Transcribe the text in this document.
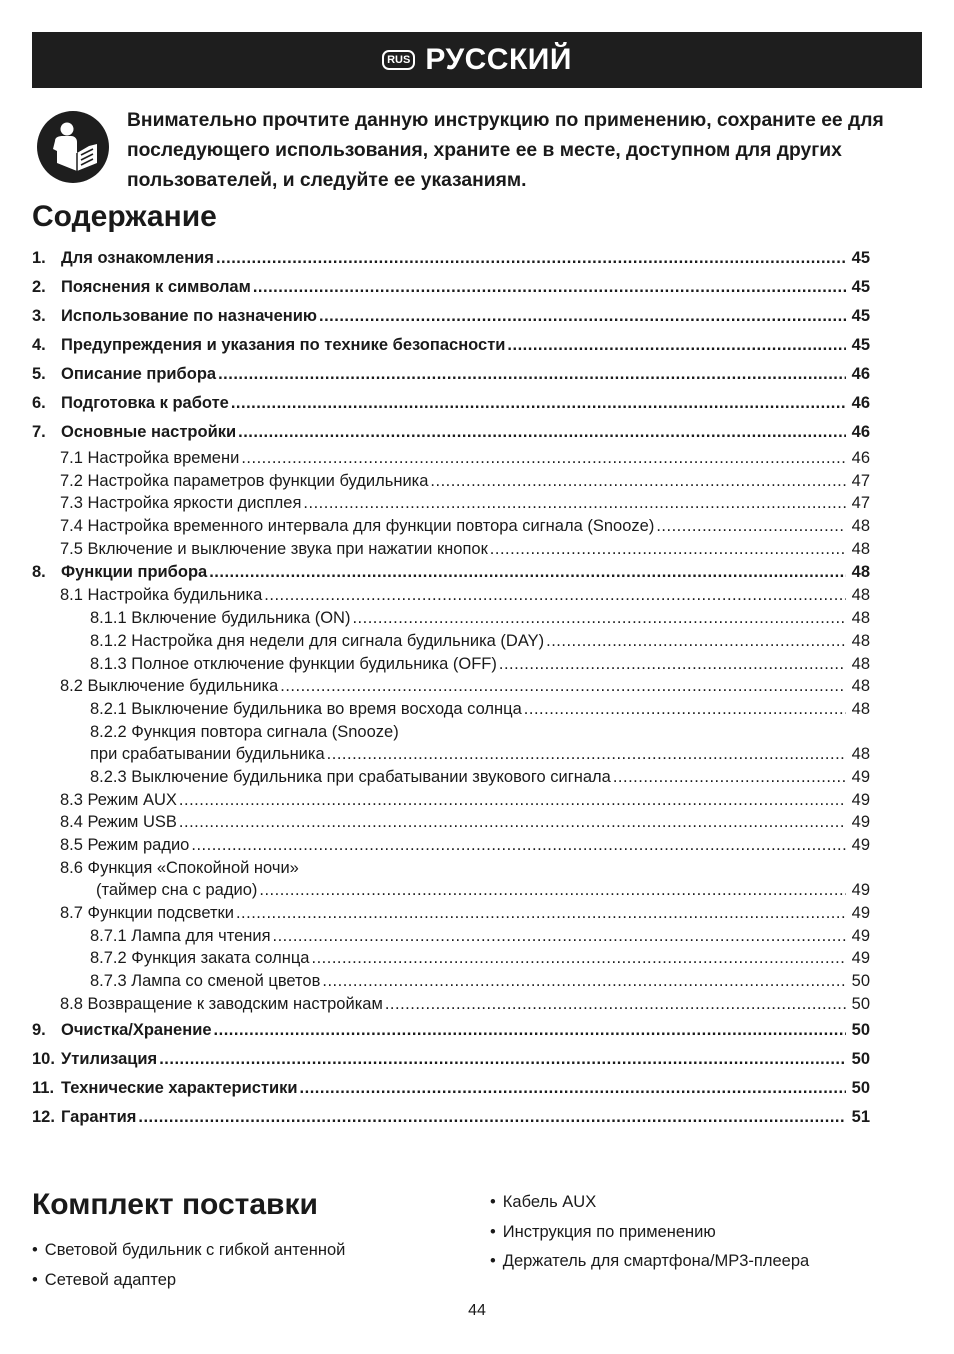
RUS РУССКИЙ
Внимательно прочтите данную инструкцию по применению, сохраните ее для последующего использования, храните ее в месте, доступном для других пользователей, и следуйте ее указаниям.
Содержание
1. Для ознакомления .....	45
2. Пояснения к символам .....	45
3. Использование по назначению .....	45
4. Предупреждения и указания по технике безопасности .....	45
5. Описание прибора .....	46
6. Подготовка к работе .....	46
7. Основные настройки .....	46
7.1 Настройка времени .....	46
7.2 Настройка параметров функции будильника .....	47
7.3 Настройка яркости дисплея .....	47
7.4 Настройка временного интервала для функции повтора сигнала (Snooze) .....	48
7.5 Включение и выключение звука при нажатии кнопок .....	48
8. Функции прибора .....	48
8.1 Настройка будильника .....	48
8.1.1 Включение будильника (ON) .....	48
8.1.2 Настройка дня недели для сигнала будильника (DAY) .....	48
8.1.3 Полное отключение функции будильника (OFF) .....	48
8.2 Выключение будильника .....	48
8.2.1 Выключение будильника во время восхода солнца .....	48
8.2.2 Функция повтора сигнала (Snooze)
при срабатывании будильника .....	48
8.2.3 Выключение будильника при срабатывании звукового сигнала .....	49
8.3 Режим AUX .....	49
8.4 Режим USB .....	49
8.5 Режим радио .....	49
8.6 Функция «Спокойной ночи»
(таймер сна с радио) .....	49
8.7 Функции подсветки .....	49
8.7.1 Лампа для чтения .....	49
8.7.2 Функция заката солнца .....	49
8.7.3 Лампа со сменой цветов .....	50
8.8 Возвращение к заводским настройкам .....	50
9. Очистка/Хранение .....	50
10. Утилизация .....	50
11. Технические характеристики .....	50
12. Гарантия .....	51
Комплект поставки
• Световой будильник с гибкой антенной
• Сетевой адаптер
• Кабель AUX
• Инструкция по применению
• Держатель для смартфона/MP3-плеера
44
